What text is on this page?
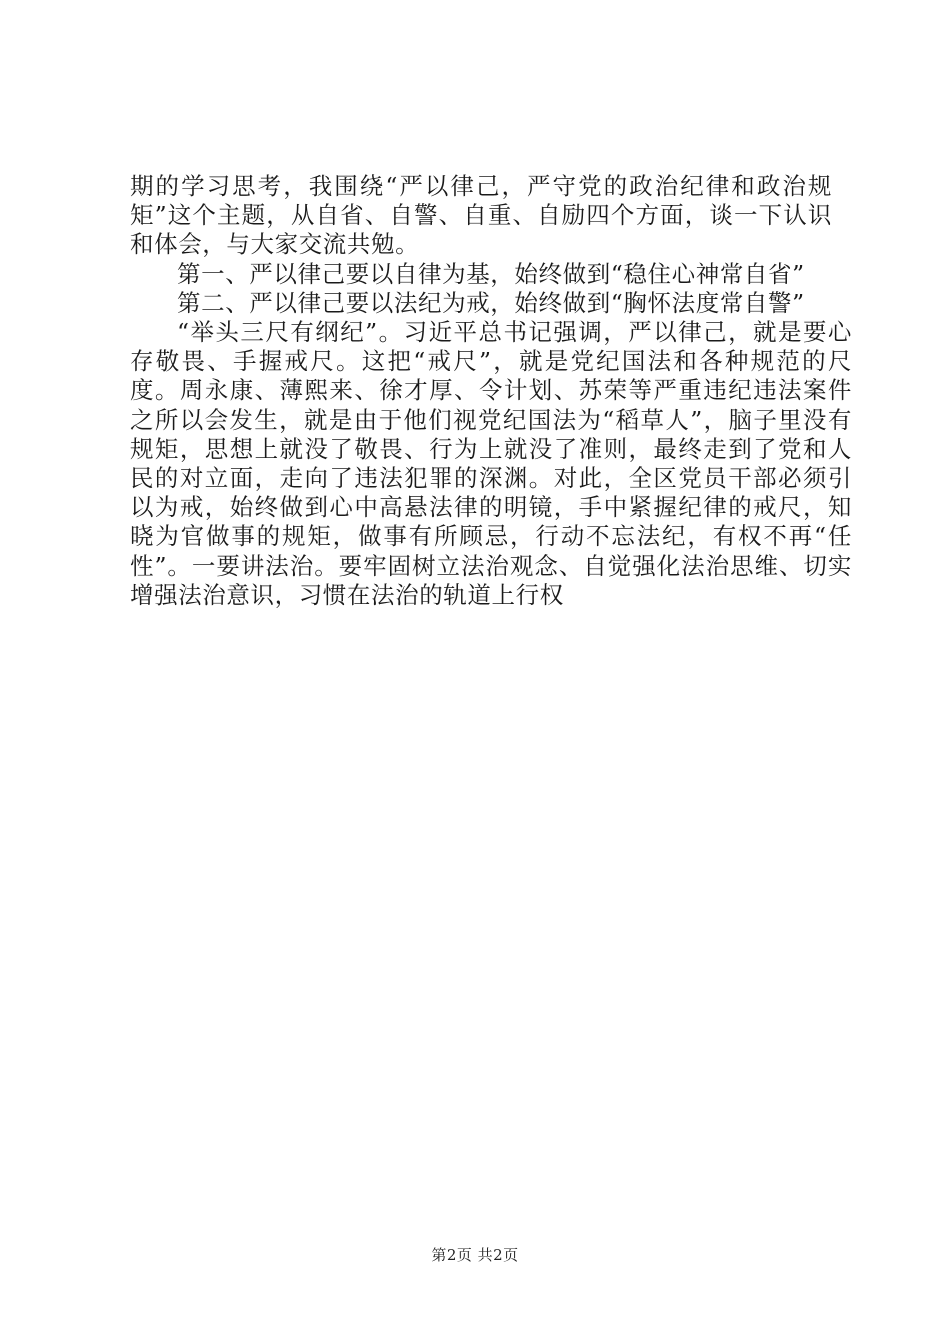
期的学习思考，我围绕“严以律己，严守党的政治纪律和政治规矩”这个主题，从自省、自警、自重、自励四个方面，谈一下认识和体会，与大家交流共勉。

第一、严以律己要以自律为基，始终做到“稳住心神常自省”

第二、严以律己要以法纪为戒，始终做到“胸怀法度常自警”

“举头三尺有纲纪”。习近平总书记强调，严以律己，就是要心存敬畏、手握戒尺。这把“戒尺”，就是党纪国法和各种规范的尺度。周永康、薄熙来、徐才厚、令计划、苏荣等严重违纪违法案件之所以会发生，就是由于他们视党纪国法为“稻草人”，脑子里没有规矩，思想上就没了敬畏、行为上就没了准则，最终走到了党和人民的对立面，走向了违法犯罪的深渊。对此，全区党员干部必须引以为戒，始终做到心中高悬法律的明镜，手中紧握纪律的戒尺，知晓为官做事的规矩，做事有所顾忌，行动不忘法纪，有权不再“任性”。一要讲法治。要牢固树立法治观念、自觉强化法治思维、切实增强法治意识，习惯在法治的轨道上行权

第2页 共2页
